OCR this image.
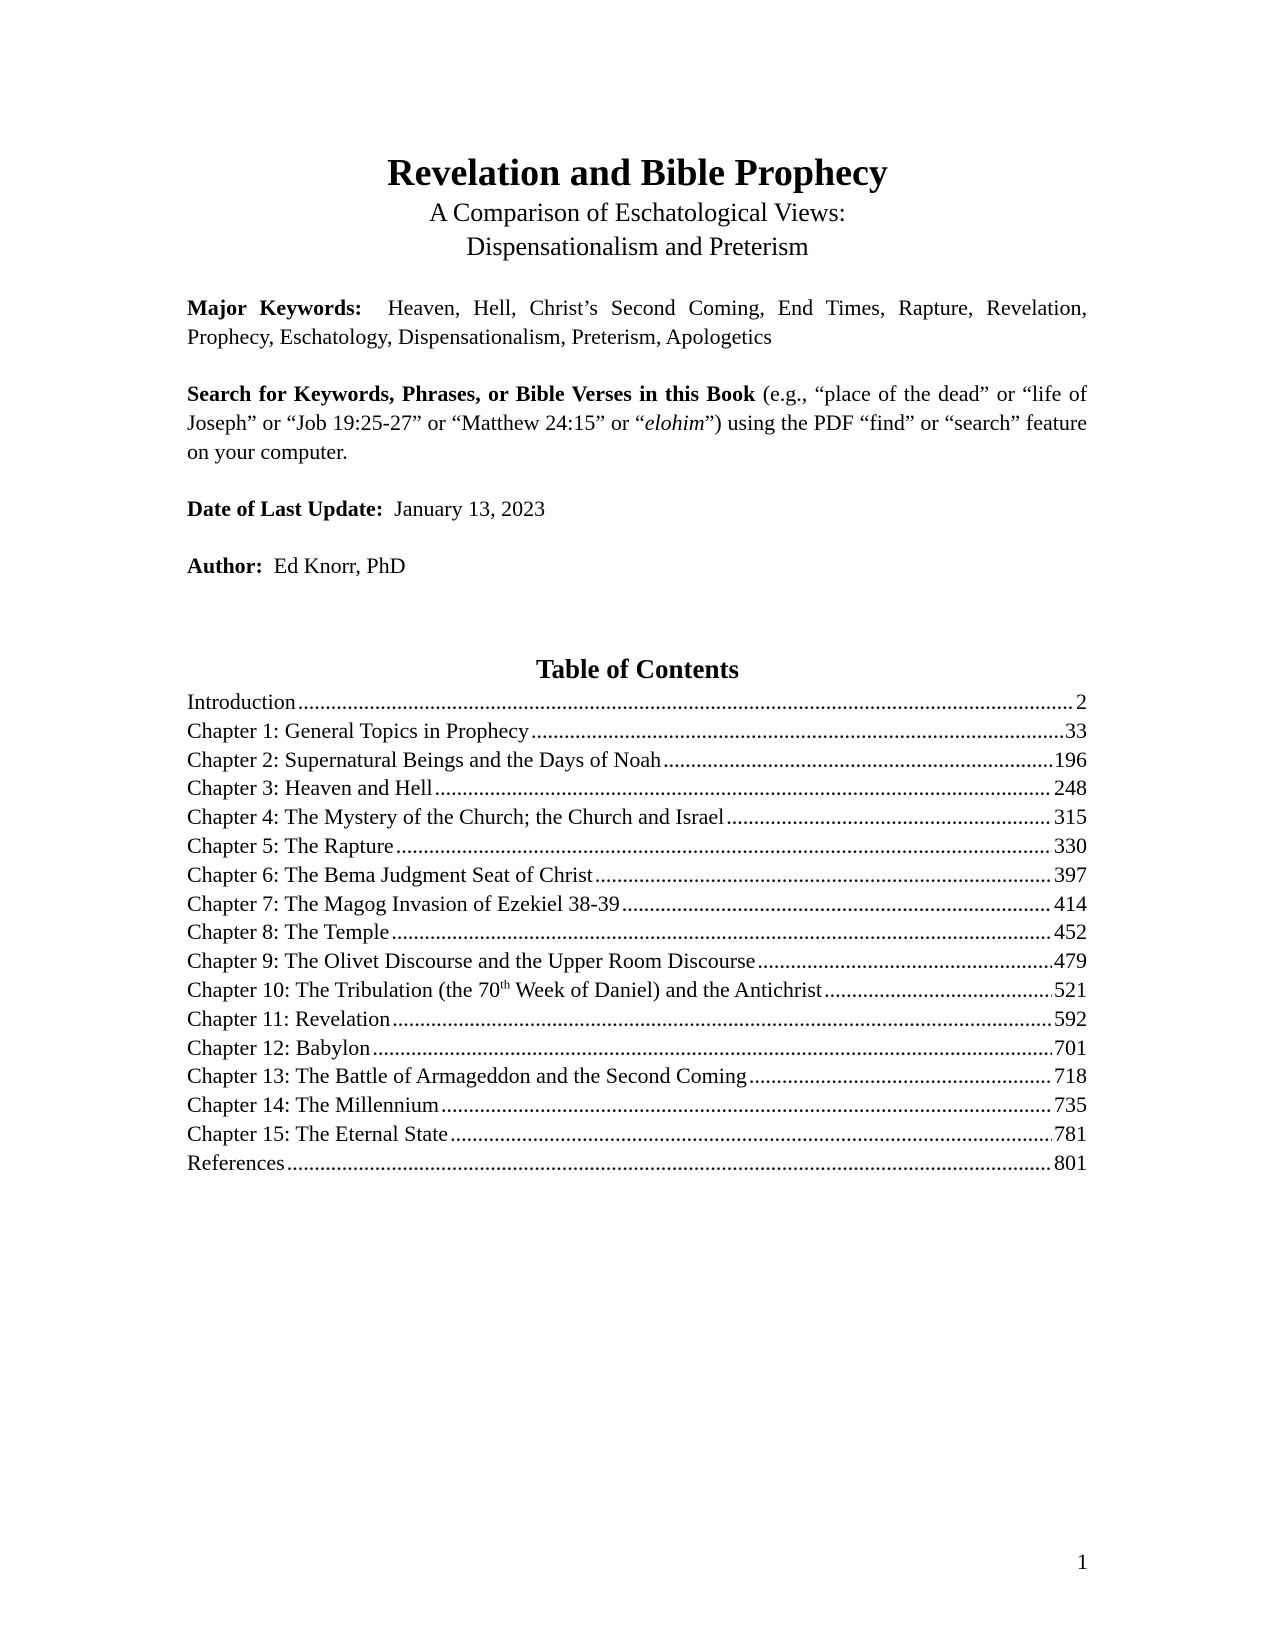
Revelation and Bible Prophecy

A Comparison of Eschatological Views:

Dispensationalism and Preterism

Major Keywords: Heaven, Hell, Christ’s Second Coming, End Times, Rapture, Revelation, Prophecy, Eschatology, Dispensationalism, Preterism, Apologetics
Search for Keywords, Phrases, or Bible Verses in this Book (e.g., “place of the dead” or “life of Joseph” or “Job 19:25-27” or “Matthew 24:15” or “elohim”) using the PDF “find” or “search” feature on your computer.
Date of Last Update: January 13, 2023
Author: Ed Knorr, PhD
Table of Contents
Introduction .....	2
Chapter 1: General Topics in Prophecy .....	33
Chapter 2: Supernatural Beings and the Days of Noah .....	196
Chapter 3: Heaven and Hell .....	248
Chapter 4: The Mystery of the Church; the Church and Israel .....	315
Chapter 5: The Rapture .....	330
Chapter 6: The Bema Judgment Seat of Christ .....	397
Chapter 7: The Magog Invasion of Ezekiel 38-39 .....	414
Chapter 8: The Temple .....	452
Chapter 9: The Olivet Discourse and the Upper Room Discourse .....	479
Chapter 10: The Tribulation (the 70th Week of Daniel) and the Antichrist .....	521
Chapter 11: Revelation .....	592
Chapter 12: Babylon .....	701
Chapter 13: The Battle of Armageddon and the Second Coming .....	718
Chapter 14: The Millennium .....	735
Chapter 15: The Eternal State .....	781
References .....	801
1
